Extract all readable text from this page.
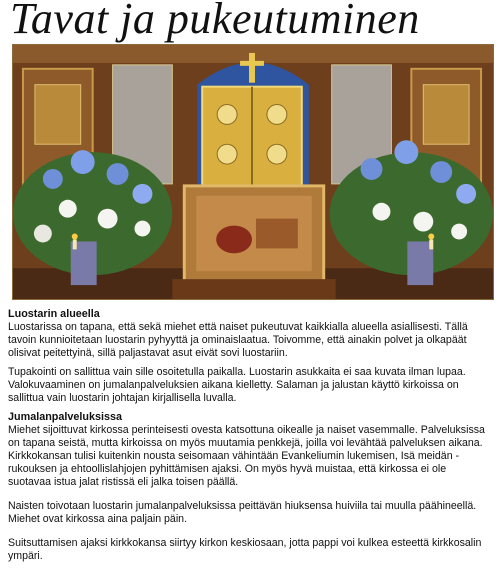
Tavat ja pukeutuminen
Luostarin alueella

Luostarissa on tapana, että sekä miehet että naiset pukeutuvat kaikkialla alueella asiallisesti. Tällä tavoin kunnioitetaan luostarin pyhyyttä ja ominaislaatua. Toivomme, että ainakin polvet ja olkapäät olisivat peitettyinä, sillä paljastavat asut eivät sovi luostariin.

Tupakointi on sallittua vain sille osoitetulla paikalla. Luostarin asukkaita ei saa kuvata ilman lupaa. Valokuvaaminen on jumalanpalveluksien aikana kielletty. Salaman ja jalustan käyttö kirkoissa on sallittua vain luostarin johtajan kirjallisella luvalla.

Jumalanpalveluksissa

Miehet sijoittuvat kirkossa perinteisesti ovesta katsottuna oikealle ja naiset vasemmalle. Palveluksissa on tapana seistä, mutta kirkoissa on myös muutamia penkkejä, joilla voi levähtää palveluksen aikana. Kirkkokansan tulisi kuitenkin nousta seisomaan vähintään Evankeliumin lukemisen, Isä meidän -rukouksen ja ehtoollislahjojen pyhittämisen ajaksi. On myös hyvä muistaa, että kirkossa ei ole suotavaa istua jalat ristissä eli jalka toisen päällä.

Naisten toivotaan luostarin jumalanpalveluksissa peittävän hiuksensa huiviila tai muulla päähineellä. Miehet ovat kirkossa aina paljain päin.

Suitsuttamisen ajaksi kirkkokansa siirtyy kirkon keskiosaan, jotta pappi voi kulkea esteettä kirkkosalin ympäri.
